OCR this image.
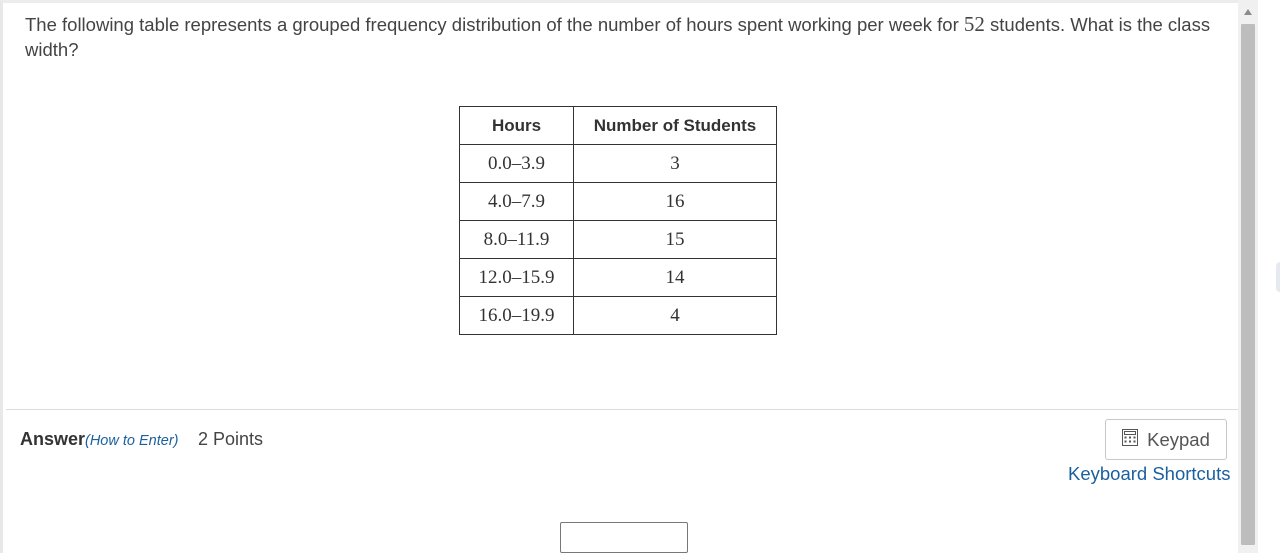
The following table represents a grouped frequency distribution of the number of hours spent working per week for 52 students. What is the class width?
Hours	Number of Students
0.0–3.9	3
4.0–7.9	16
8.0–11.9	15
12.0–15.9	14
16.0–19.9	4
Answer (How to Enter) 2 Points	Keypad
Keyboard Shortcuts
